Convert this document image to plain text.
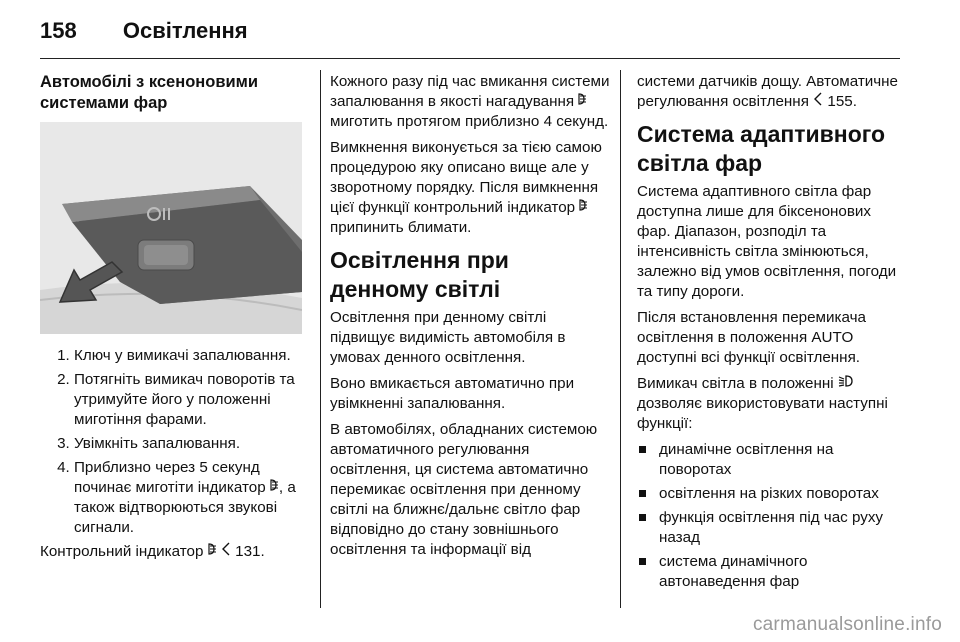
158 Освітлення
Автомобілі з ксеноновими системами фар
1. Ключ у вимикачі запалювання.
2. Потягніть вимикач поворотів та утримуйте його у положенні миготіння фарами.
3. Увімкніть запалювання.
4. Приблизно через 5 секунд починає миготіти індикатор , а також відтворюються звукові сигнали.

Контрольний індикатор 131.

Кожного разу під час вмикання системи запалювання в якості нагадування  миготить протягом приблизно 4 секунд.

Вимкнення виконується за тією самою процедурою яку описано вище але у зворотному порядку. Після вимкнення цієї функції контрольний індикатор  припинить блимати.

Освітлення при денному світлі

Освітлення при денному світлі підвищує видимість автомобіля в умовах денного освітлення.

Воно вмикається автоматично при увімкненні запалювання.

В автомобілях, обладнаних системою автоматичного регулювання освітлення, ця система автоматично перемикає освітлення при денному світлі на ближнє/дальнє світло фар відповідно до стану зовнішнього освітлення та інформації від

системи датчиків дощу. Автоматичне регулювання освітлення 155.

Система адаптивного світла фар

Система адаптивного світла фар доступна лише для біксенонових фар. Діапазон, розподіл та інтенсивність світла змінюються, залежно від умов освітлення, погоди та типу дороги.

Після встановлення перемикача освітлення в положення AUTO доступні всі функції освітлення.

Вимикач світла в положенні  дозволяє використовувати наступні функції:

динамічне освітлення на поворотах
освітлення на різких поворотах
функція освітлення під час руху назад
система динамічного автонаведення фар
carmanualsonline.info
